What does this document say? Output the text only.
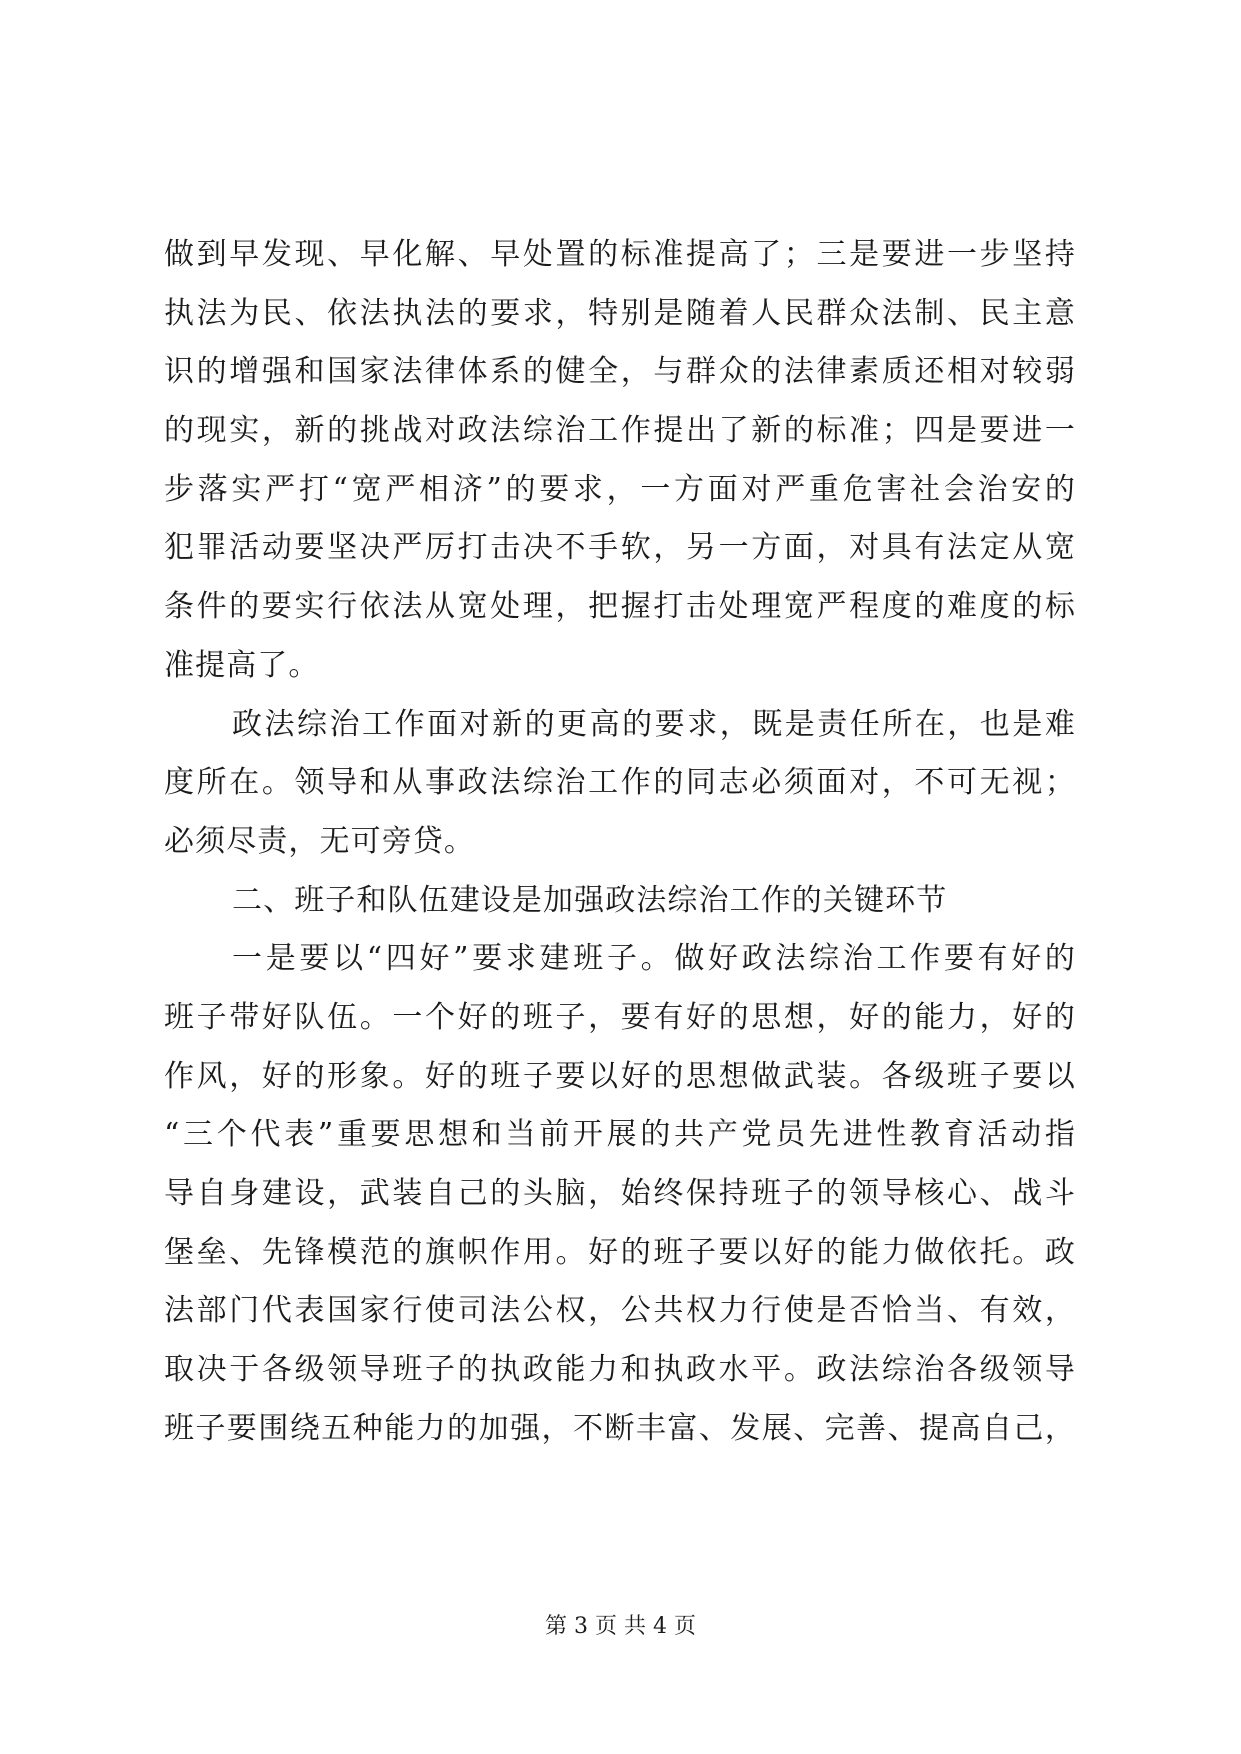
做到早发现、早化解、早处置的标准提高了；三是要进一步坚持
执法为民、依法执法的要求，特别是随着人民群众法制、民主意
识的增强和国家法律体系的健全，与群众的法律素质还相对较弱
的现实，新的挑战对政法综治工作提出了新的标准；四是要进一
步落实严打“宽严相济”的要求，一方面对严重危害社会治安的
犯罪活动要坚决严厉打击决不手软，另一方面，对具有法定从宽
条件的要实行依法从宽处理，把握打击处理宽严程度的难度的标
准提高了。
政法综治工作面对新的更高的要求，既是责任所在，也是难
度所在。领导和从事政法综治工作的同志必须面对，不可无视；
必须尽责，无可旁贷。
二、班子和队伍建设是加强政法综治工作的关键环节
一是要以“四好”要求建班子。做好政法综治工作要有好的
班子带好队伍。一个好的班子，要有好的思想，好的能力，好的
作风，好的形象。好的班子要以好的思想做武装。各级班子要以
“三个代表”重要思想和当前开展的共产党员先进性教育活动指
导自身建设，武装自己的头脑，始终保持班子的领导核心、战斗
堡垒、先锋模范的旗帜作用。好的班子要以好的能力做依托。政
法部门代表国家行使司法公权，公共权力行使是否恰当、有效，
取决于各级领导班子的执政能力和执政水平。政法综治各级领导
班子要围绕五种能力的加强，不断丰富、发展、完善、提高自己，
第 3 页 共 4 页
